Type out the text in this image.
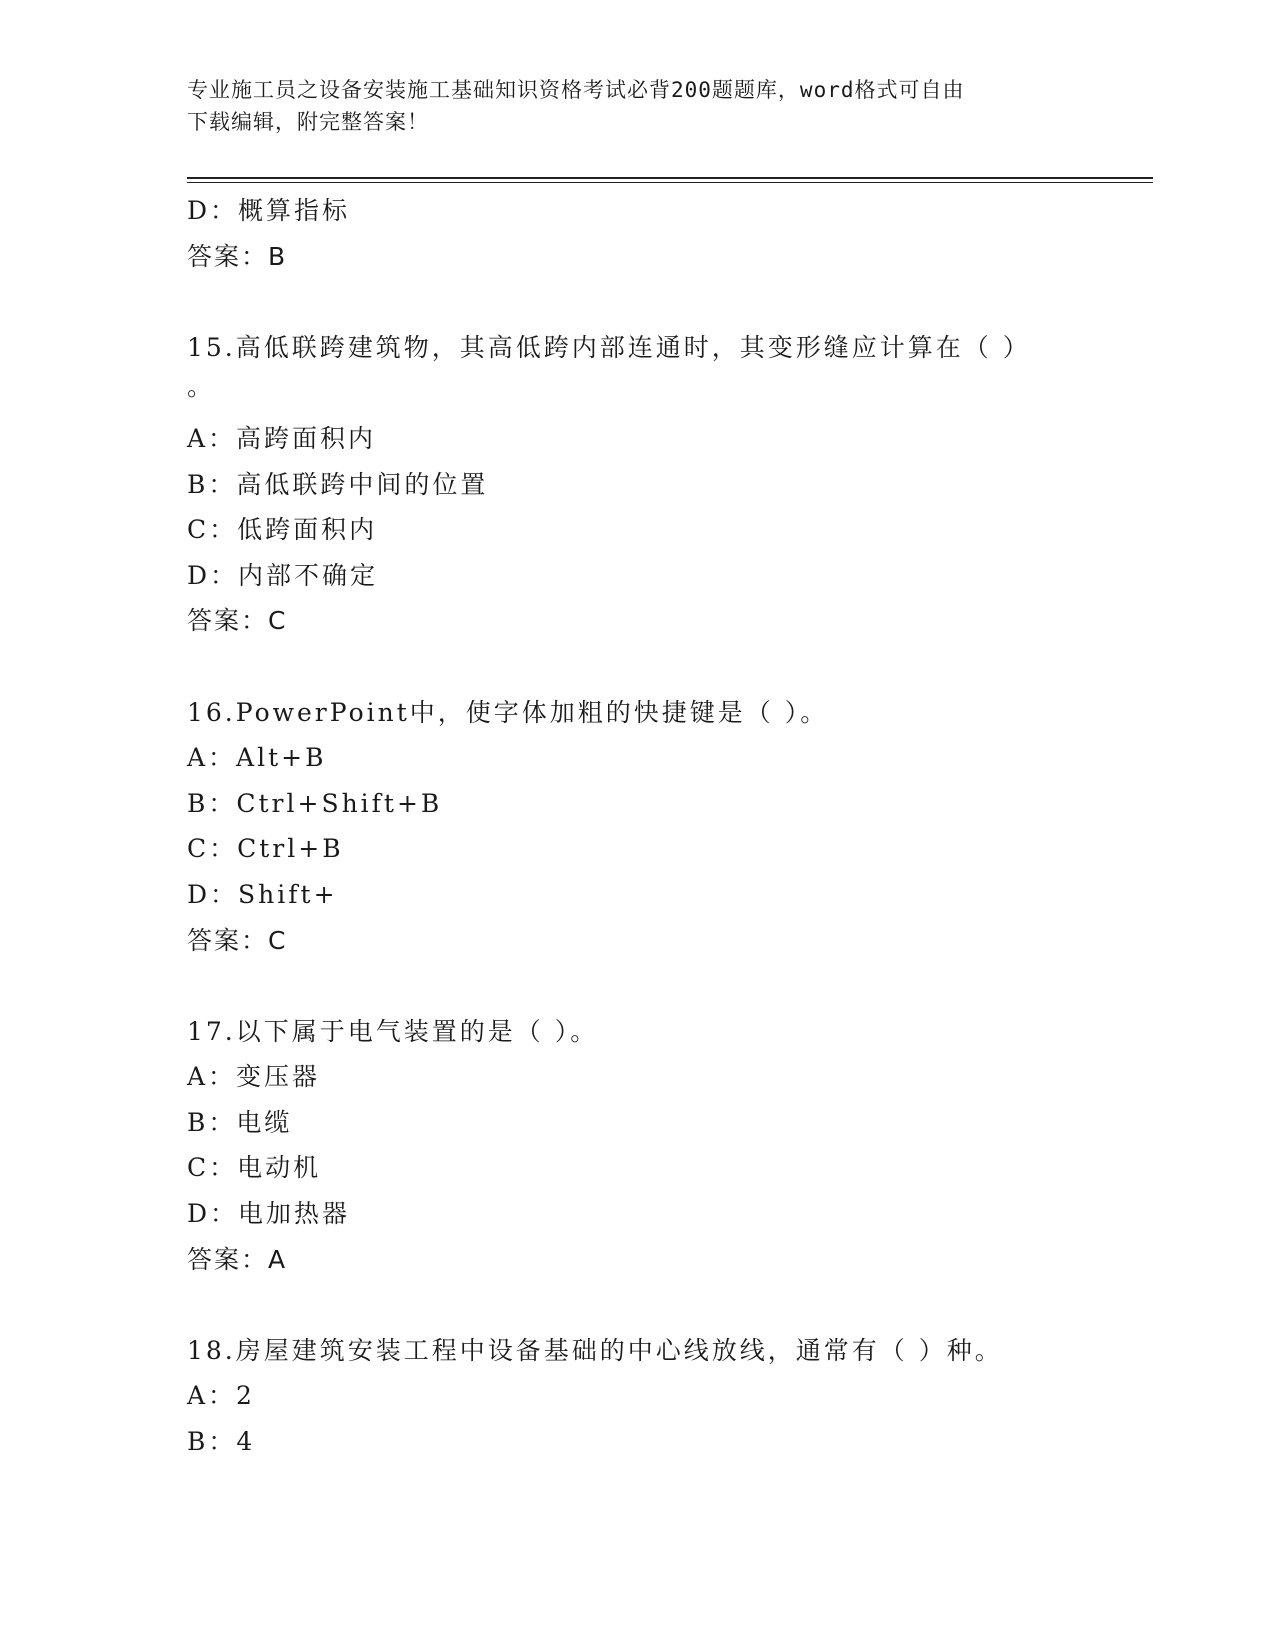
专业施工员之设备安装施工基础知识资格考试必背200题题库，word格式可自由
下载编辑，附完整答案！
D：概算指标
答案：B
15.高低联跨建筑物，其高低跨内部连通时，其变形缝应计算在（ ）
。
A：高跨面积内
B：高低联跨中间的位置
C：低跨面积内
D：内部不确定
答案：C
16.PowerPoint中，使字体加粗的快捷键是（ ）。
A：Alt+B
B：Ctrl+Shift+B
C：Ctrl+B
D：Shift+
答案：C
17.以下属于电气装置的是（ ）。
A：变压器
B：电缆
C：电动机
D：电加热器
答案：A
18.房屋建筑安装工程中设备基础的中心线放线，通常有（ ）种。
A：2
B：4
